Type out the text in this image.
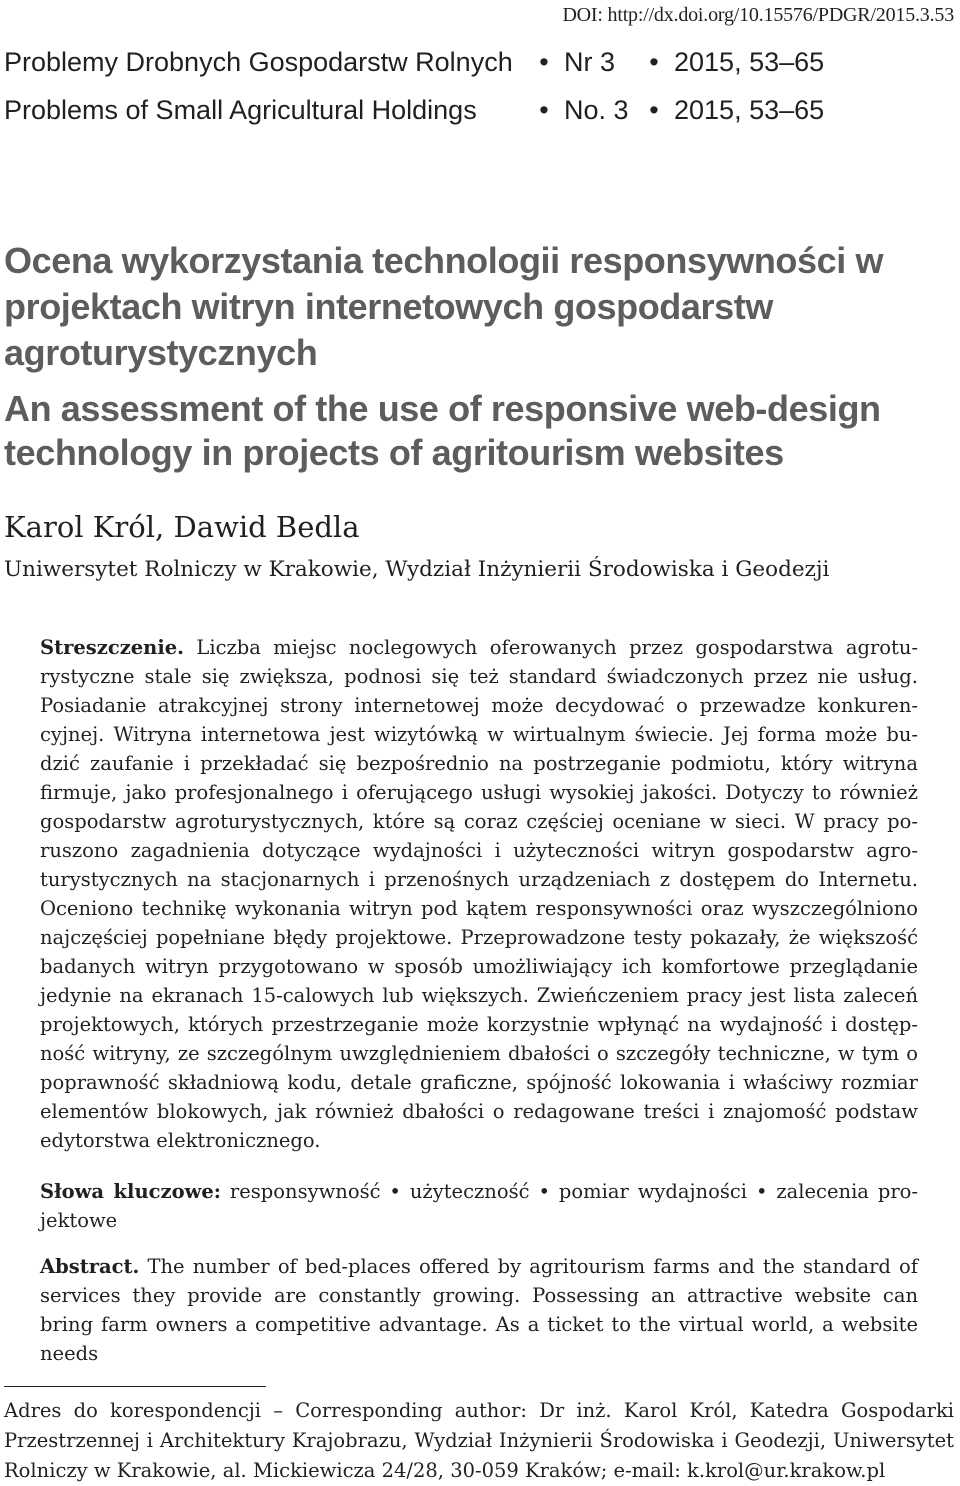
DOI: http://dx.doi.org/10.15576/PDGR/2015.3.53
Problemy Drobnych Gospodarstw Rolnych • Nr 3	• 2015, 53–65
Problems of Small Agricultural Holdings	• No. 3 • 2015, 53–65
Ocena wykorzystania technologii responsywności w projektach witryn internetowych gospodarstw agroturystycznych
An assessment of the use of responsive web-design technology in projects of agritourism websites
Karol Król, Dawid Bedla
Uniwersytet Rolniczy w Krakowie, Wydział Inżynierii Środowiska i Geodezji

Streszczenie. Liczba miejsc noclegowych oferowanych przez gospodarstwa agroturystyczne stale się zwiększa, podnosi się też standard świadczonych przez nie usług. Posiadanie atrakcyjnej strony internetowej może decydować o przewadze konkurencyjnej. Witryna internetowa jest wizytówką w wirtualnym świecie. Jej forma może budzić zaufanie i przekładać się bezpośrednio na postrzeganie podmiotu, który witryna firmuje, jako profesjonalnego i oferującego usługi wysokiej jakości. Dotyczy to również gospodarstw agroturystycznych, które są coraz częściej oceniane w sieci. W pracy poruszono zagadnienia dotyczące wydajności i użyteczności witryn gospodarstw agroturystycznych na stacjonarnych i przenośnych urządzeniach z dostępem do Internetu. Oceniono technikę wykonania witryn pod kątem responsywności oraz wyszczególniono najczęściej popełniane błędy projektowe. Przeprowadzone testy pokazały, że większość badanych witryn przygotowano w sposób umożliwiający ich komfortowe przeglądanie jedynie na ekranach 15-calowych lub większych. Zwieńczeniem pracy jest lista zaleceń projektowych, których przestrzeganie może korzystnie wpłynąć na wydajność i dostępność witryny, ze szczególnym uwzględnieniem dbałości o szczegóły techniczne, w tym o poprawność składniową kodu, detale graficzne, spójność lokowania i właściwy rozmiar elementów blokowych, jak również dbałości o redagowane treści i znajomość podstaw edytorstwa elektronicznego.

Słowa kluczowe: responsywność • użyteczność • pomiar wydajności • zalecenia projektowe

Abstract. The number of bed-places offered by agritourism farms and the standard of services they provide are constantly growing. Possessing an attractive website can bring farm owners a competitive advantage. As a ticket to the virtual world, a website needs

Adres do korespondencji – Corresponding author: Dr inż. Karol Król, Katedra Gospodarki Przestrzennej i Architektury Krajobrazu, Wydział Inżynierii Środowiska i Geodezji, Uniwersytet Rolniczy w Krakowie, al. Mickiewicza 24/28, 30-059 Kraków; e-mail: k.krol@ur.krakow.pl
